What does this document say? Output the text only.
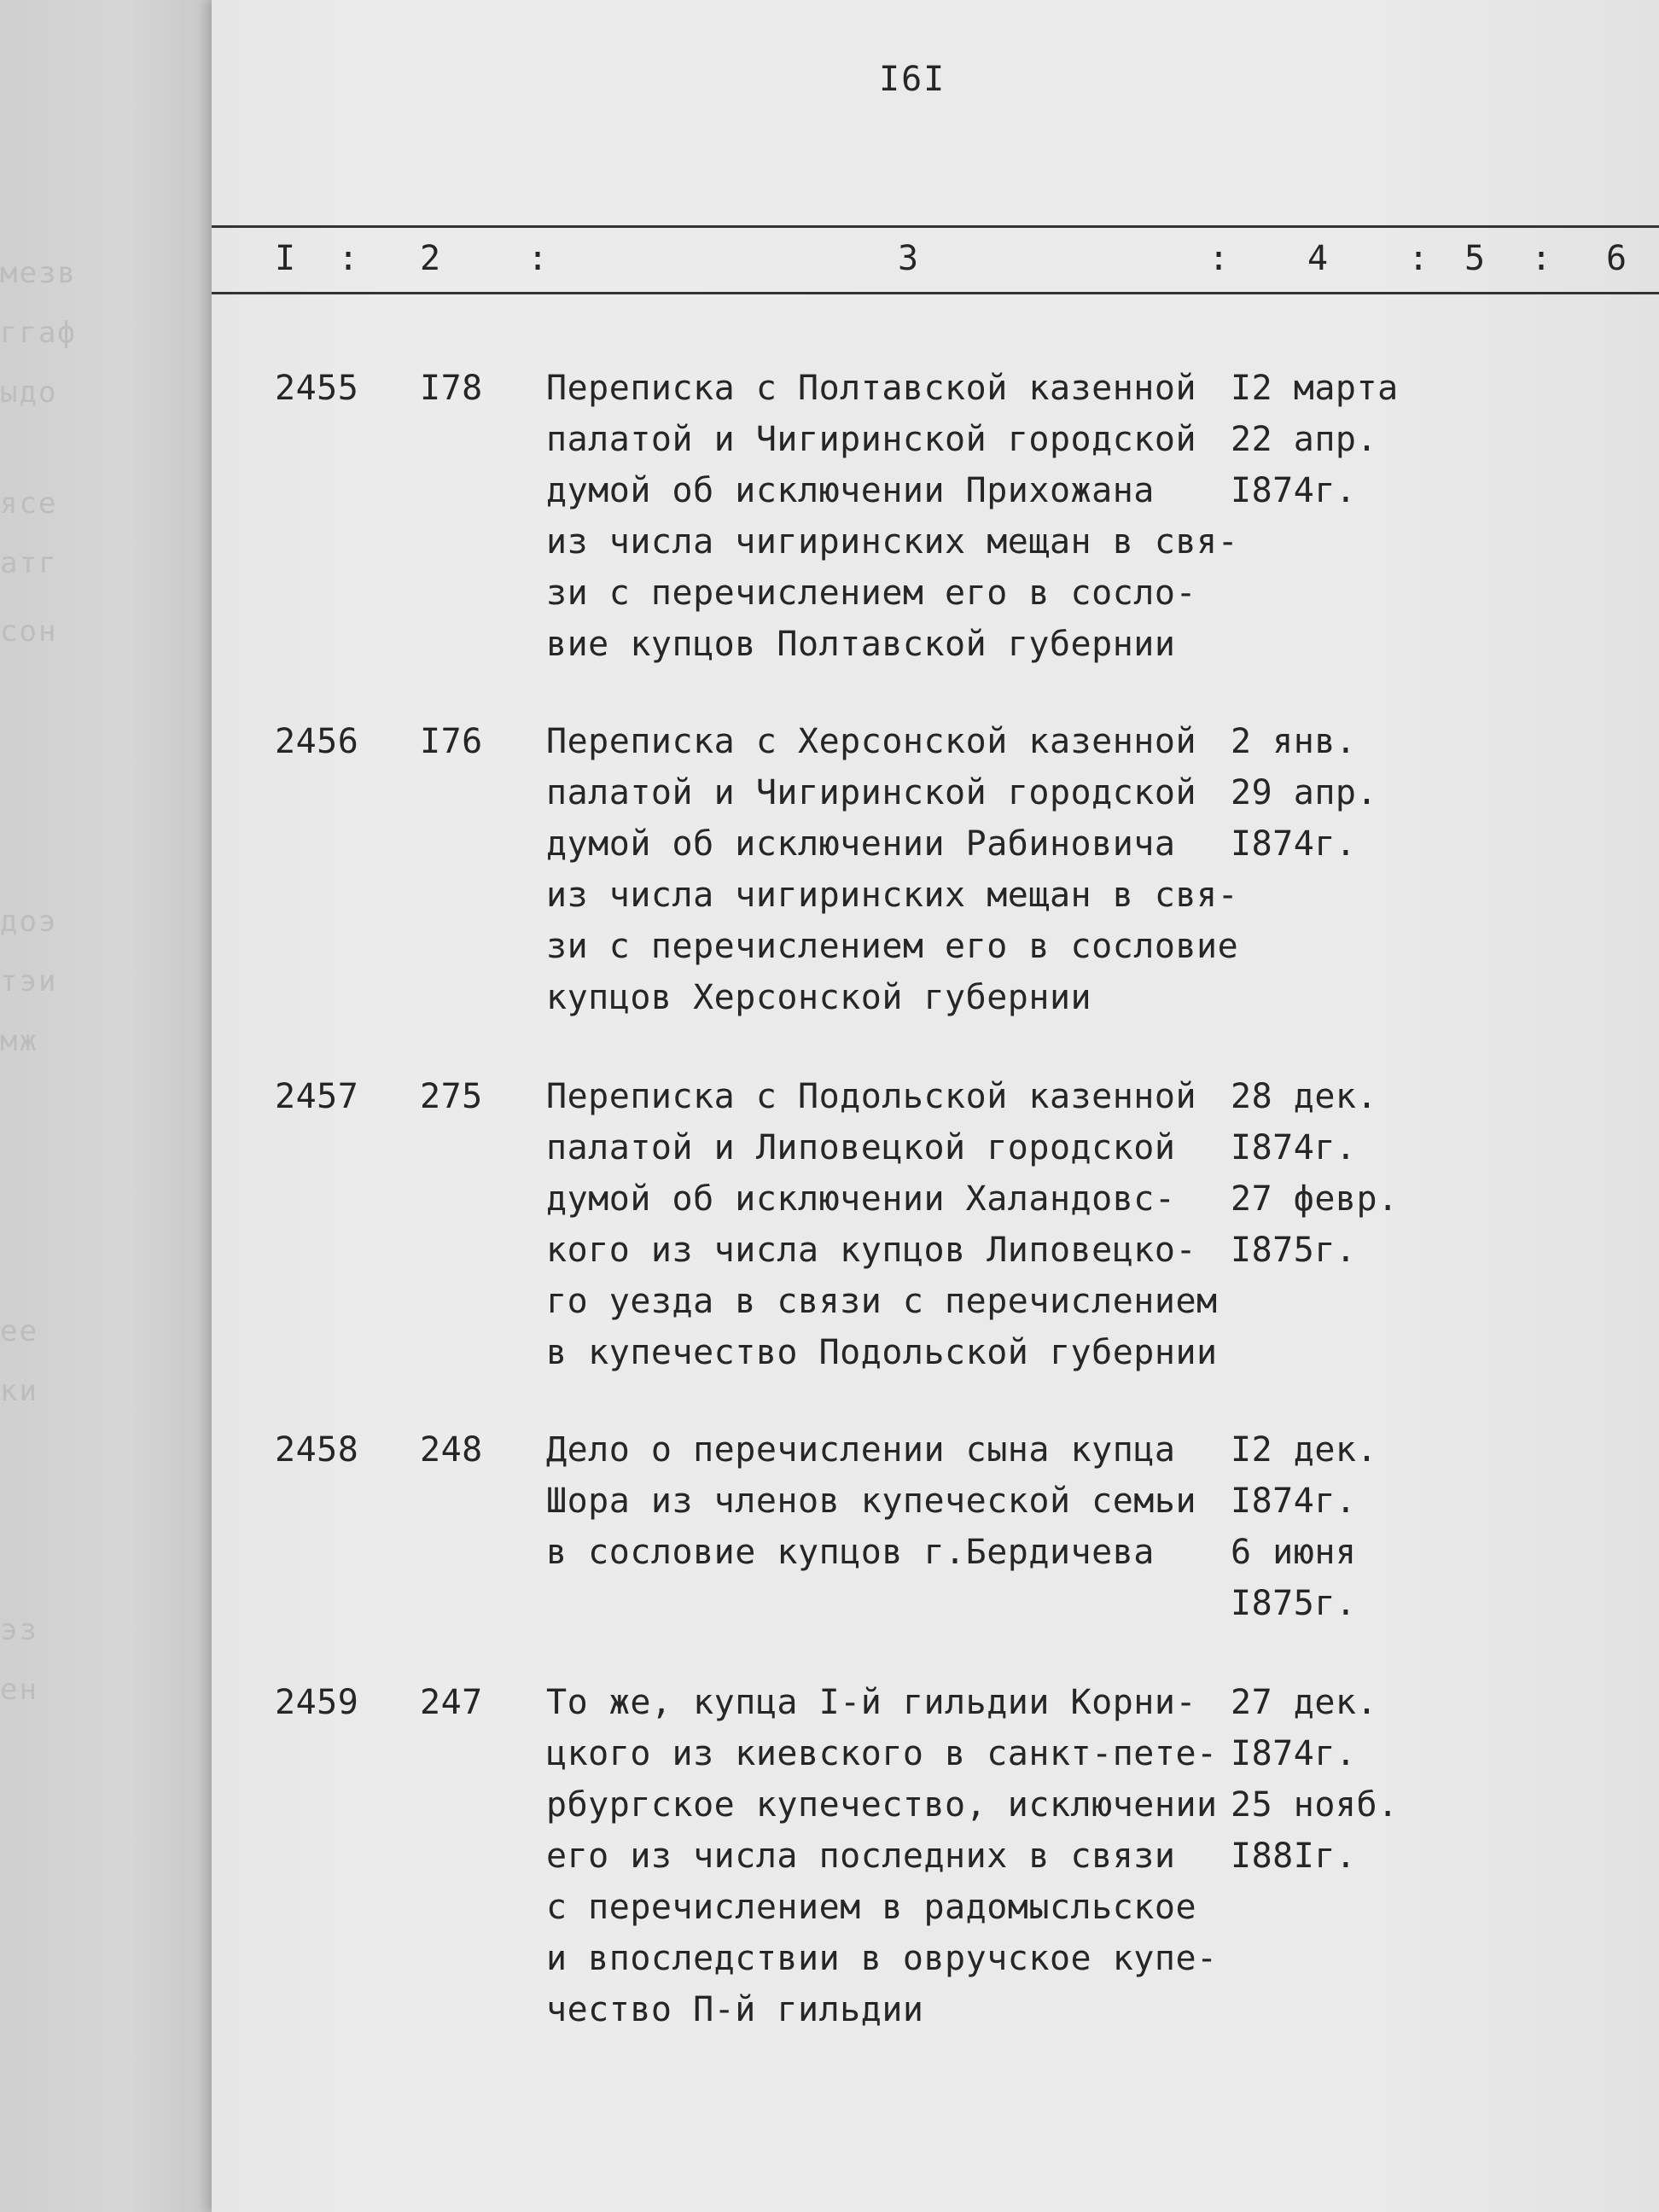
мезв
ггаф
ыдо
ясе
атг
сон
доэ
тэи
мж
ее
ки
эз
ен
I6I
I : 2	:	3	: 4 : 5 : 6
2455 I78 Переписка с Полтавской казенной
палатой и Чигиринской городской
думой об исключении Прихожана
из числа чигиринских мещан в свя-
зи с перечислением его в сосло-
вие купцов Полтавской губернии
I2 марта
22 апр.
I874г.
2456 I76 Переписка с Херсонской казенной
палатой и Чигиринской городской
думой об исключении Рабиновича
из числа чигиринских мещан в свя-
зи с перечислением его в сословие
купцов Херсонской губернии
2 янв.
29 апр.
I874г.
2457 275 Переписка с Подольской казенной
палатой и Липовецкой городской
думой об исключении Халандовс-
кого из числа купцов Липовецко-
го уезда в связи с перечислением
в купечество Подольской губернии
28 дек.
I874г.
27 февр.
I875г.
2458 248 Дело о перечислении сына купца
Шора из членов купеческой семьи
в сословие купцов г.Бердичева
I2 дек.
I874г.
6 июня
I875г.
2459 247 То же, купца I-й гильдии Корни-
цкого из киевского в санкт-пете-
рбургское купечество, исключении
его из числа последних в связи
с перечислением в радомысльское
и впоследствии в овручское купе-
чество П-й гильдии
27 дек.
I874г.
25 нояб.
I88Iг.
